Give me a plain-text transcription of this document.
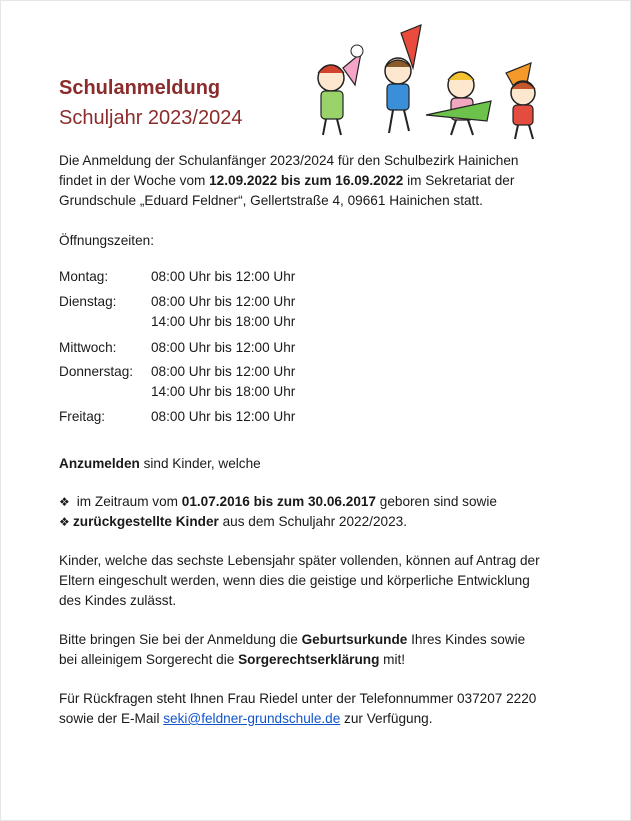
Schulanmeldung
Schuljahr 2023/2024
Die Anmeldung der Schulanfänger 2023/2024 für den Schulbezirk Hainichen
findet in der Woche vom 12.09.2022 bis zum 16.09.2022 im Sekretariat der
Grundschule „Eduard Feldner“, Gellertstraße 4, 09661 Hainichen statt.
Öffnungszeiten:
Montag:	08:00 Uhr bis 12:00 Uhr
Dienstag:	08:00 Uhr bis 12:00 Uhr
14:00 Uhr bis 18:00 Uhr
Mittwoch:	08:00 Uhr bis 12:00 Uhr
Donnerstag: 08:00 Uhr bis 12:00 Uhr
14:00 Uhr bis 18:00 Uhr
Freitag:	08:00 Uhr bis 12:00 Uhr
Anzumelden sind Kinder, welche
❖ im Zeitraum vom 01.07.2016 bis zum 30.06.2017 geboren sind sowie
❖ zurückgestellte Kinder aus dem Schuljahr 2022/2023.
Kinder, welche das sechste Lebensjahr später vollenden, können auf Antrag der
Eltern eingeschult werden, wenn dies die geistige und körperliche Entwicklung
des Kindes zulässt.
Bitte bringen Sie bei der Anmeldung die Geburtsurkunde Ihres Kindes sowie
bei alleinigem Sorgerecht die Sorgerechtserklärung mit!
Für Rückfragen steht Ihnen Frau Riedel unter der Telefonnummer 037207 2220
sowie der E-Mail seki@feldner-grundschule.de zur Verfügung.
